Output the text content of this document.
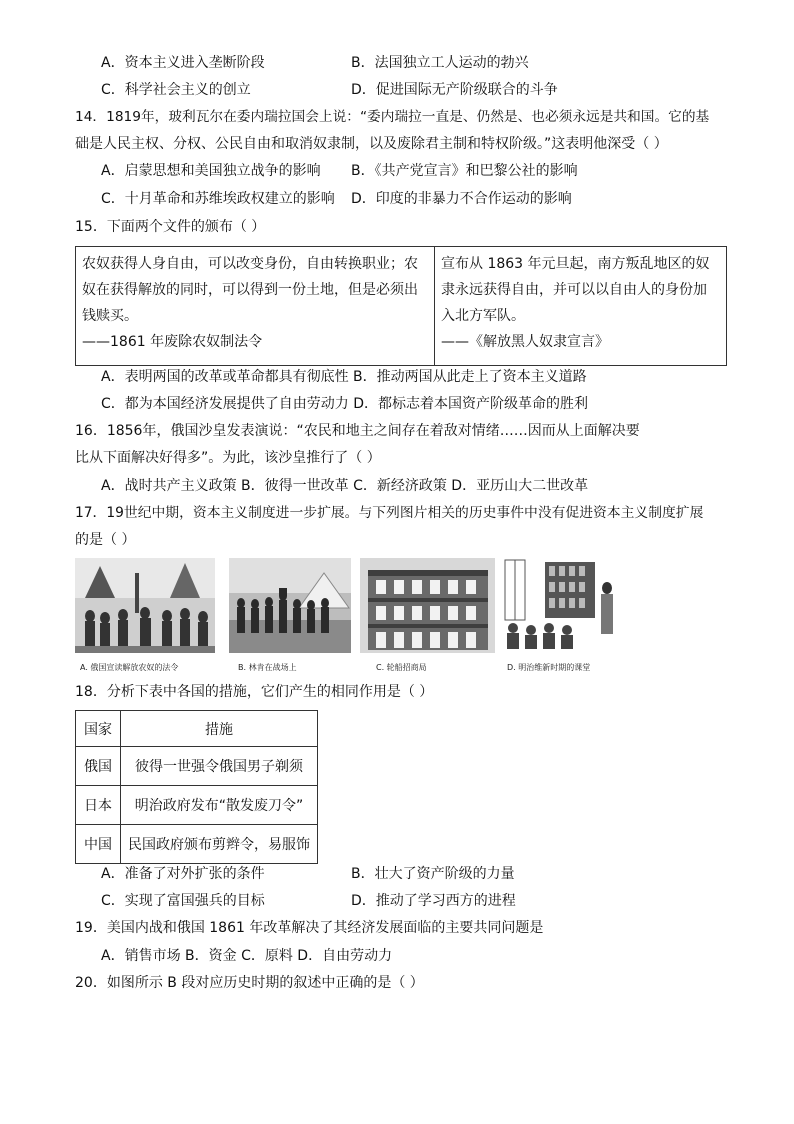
A．资本主义进入垄断阶段	B．法国独立工人运动的勃兴
C．科学社会主义的创立	D．促进国际无产阶级联合的斗争
14．1819年，玻利瓦尔在委内瑞拉国会上说：“委内瑞拉一直是、仍然是、也必须永远是共和国。它的基
础是人民主权、分权、公民自由和取消奴隶制，以及废除君主制和特权阶级。”这表明他深受（ ）
A．启蒙思想和美国独立战争的影响 B．《共产党宣言》和巴黎公社的影响
C．十月革命和苏维埃政权建立的影响 D．印度的非暴力不合作运动的影响
15．下面两个文件的颁布（ ）
农奴获得人身自由，可以改变身份，自由转换职业；农奴在获得解放的同时，可以得到一份土地，但是必须出钱赎买。
——1861 年废除农奴制法令

宣布从 1863 年元旦起，南方叛乱地区的奴隶永远获得自由，并可以以自由人的身份加入北方军队。
——《解放黑人奴隶宣言》
A．表明两国的改革或革命都具有彻底性 B．推动两国从此走上了资本主义道路
C．都为本国经济发展提供了自由劳动力 D．都标志着本国资产阶级革命的胜利
16．1856年，俄国沙皇发表演说：“农民和地主之间存在着敌对情绪……因而从上面解决要
比从下面解决好得多”。为此，该沙皇推行了（ ）
A．战时共产主义政策 B．彼得一世改革 C．新经济政策 D．亚历山大二世改革
17．19世纪中期，资本主义制度进一步扩展。与下列图片相关的历史事件中没有促进资本主义制度扩展
的是（ ）
A. 俄国宣读解放农奴的法令	B. 林肯在战场上	C. 轮船招商局	D. 明治维新时期的课堂
18．分析下表中各国的措施，它们产生的相同作用是（ ）
国家	措施
俄国	彼得一世强令俄国男子剃须
日本	明治政府发布“散发废刀令”
中国	民国政府颁布剪辫令，易服饰
A．准备了对外扩张的条件	B．壮大了资产阶级的力量
C．实现了富国强兵的目标	D．推动了学习西方的进程
19．美国内战和俄国 1861 年改革解决了其经济发展面临的主要共同问题是
A．销售市场 B．资金 C．原料 D．自由劳动力
20．如图所示 B 段对应历史时期的叙述中正确的是（ ）
